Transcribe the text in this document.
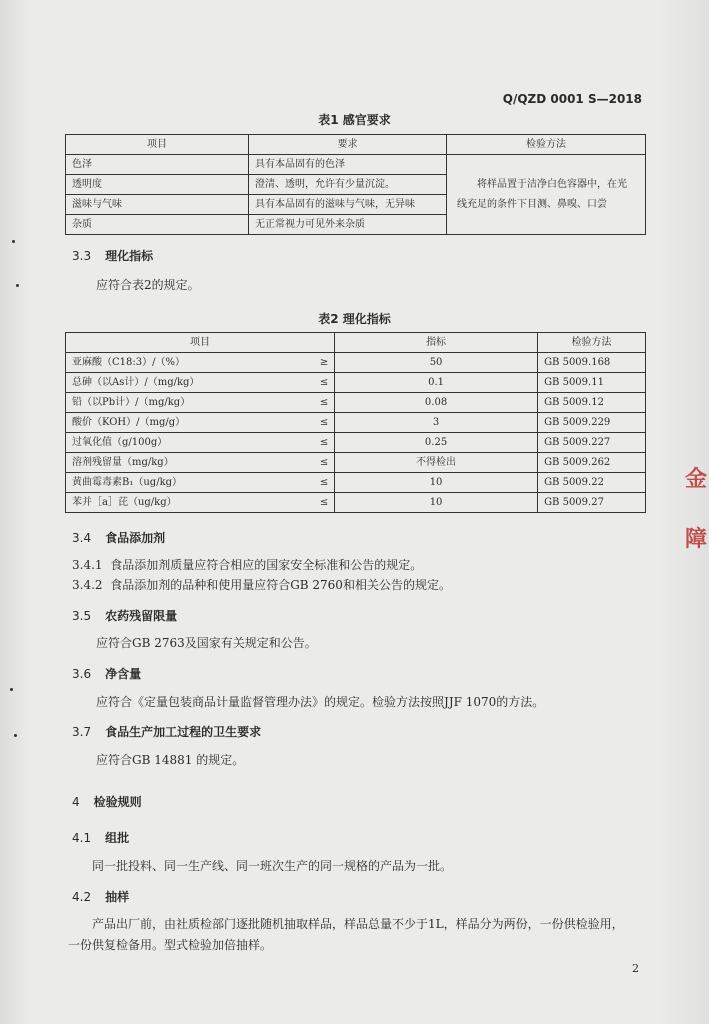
Q/QZD 0001 S—2018
表1 感官要求
项目	要求	检验方法
色泽	具有本品固有的色泽	将样品置于洁净白色容器中，在光
线充足的条件下目测、鼻嗅、口尝

透明度	澄清、透明，允许有少量沉淀。	
滋味与气味	具有本品固有的滋味与气味，无异味	
杂质	无正常视力可见外来杂质	
3.3 理化指标
应符合表2的规定。
表2 理化指标
项目		指标	检验方法
亚麻酸（C18:3）/（%）	≥	50	GB 5009.168
总砷（以As计）/（mg/kg）	≤	0.1	GB 5009.11
铅（以Pb计）/（mg/kg）	≤	0.08	GB 5009.12
酸价（KOH）/（mg/g）	≤	3	GB 5009.229
过氧化值（g/100g）	≤	0.25	GB 5009.227
溶剂残留量（mg/kg）	≤	不得检出	GB 5009.262
黄曲霉毒素B₁（ug/kg）	≤	10	GB 5009.22
苯并［a］芘（ug/kg）	≤	10	GB 5009.27
3.4 食品添加剂
3.4.1 食品添加剂质量应符合相应的国家安全标准和公告的规定。
3.4.2 食品添加剂的品种和使用量应符合GB 2760和相关公告的规定。
3.5 农药残留限量
应符合GB 2763及国家有关规定和公告。
3.6 净含量
应符合《定量包装商品计量监督管理办法》的规定。检验方法按照JJF 1070的方法。
3.7 食品生产加工过程的卫生要求
应符合GB 14881 的规定。
4 检验规则
4.1 组批
同一批投料、同一生产线、同一班次生产的同一规格的产品为一批。
4.2 抽样
产品出厂前，由社质检部门逐批随机抽取样品，样品总量不少于1L，样品分为两份，一份供检验用，
一份供复检备用。型式检验加倍抽样。
2
金
障
